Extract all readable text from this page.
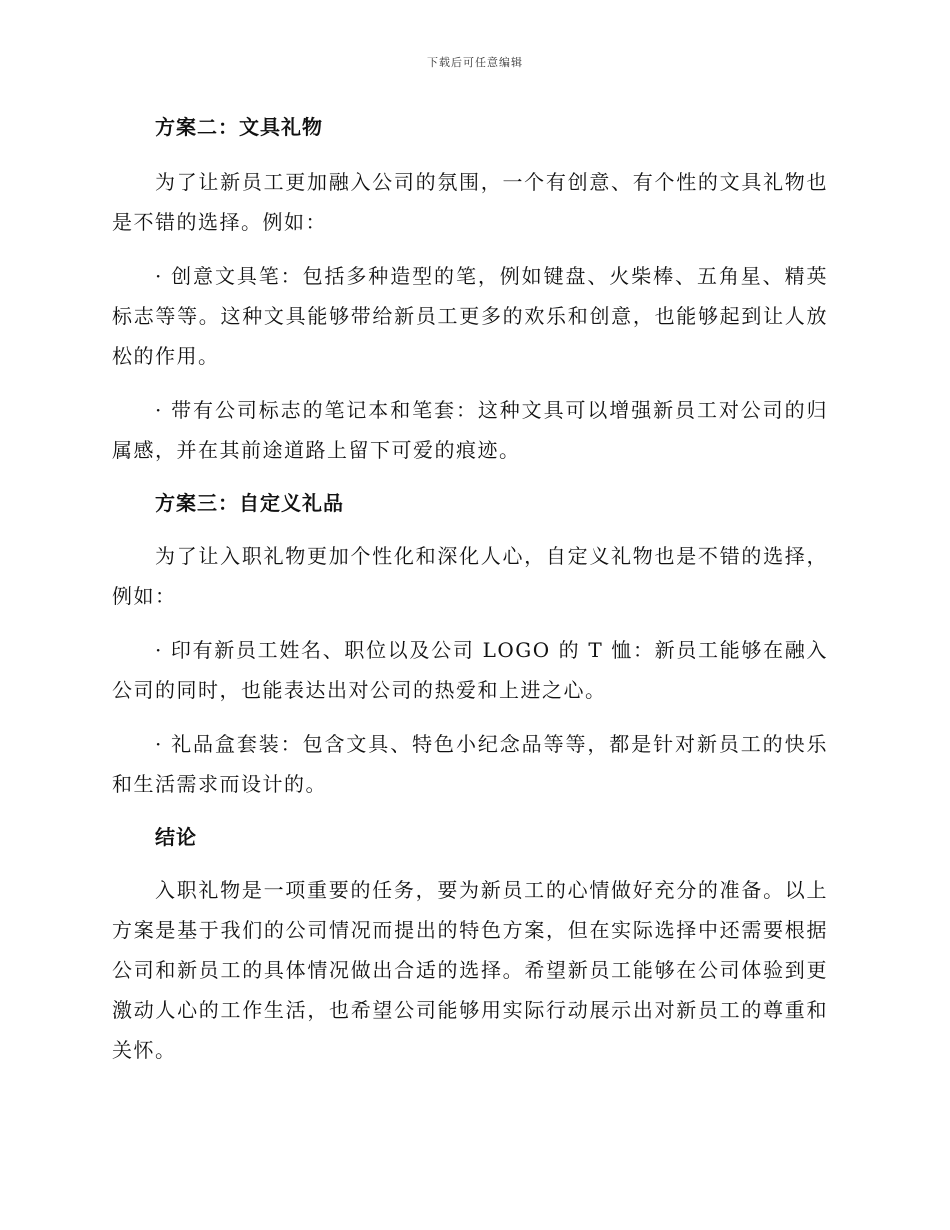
下载后可任意编辑

方案二：文具礼物

为了让新员工更加融入公司的氛围，一个有创意、有个性的文具礼物也是不错的选择。例如：

· 创意文具笔：包括多种造型的笔，例如键盘、火柴棒、五角星、精英标志等等。这种文具能够带给新员工更多的欢乐和创意，也能够起到让人放松的作用。

· 带有公司标志的笔记本和笔套：这种文具可以增强新员工对公司的归属感，并在其前途道路上留下可爱的痕迹。

方案三：自定义礼品

为了让入职礼物更加个性化和深化人心，自定义礼物也是不错的选择，例如：

· 印有新员工姓名、职位以及公司 LOGO 的 T 恤：新员工能够在融入公司的同时，也能表达出对公司的热爱和上进之心。

· 礼品盒套装：包含文具、特色小纪念品等等，都是针对新员工的快乐和生活需求而设计的。

结论

入职礼物是一项重要的任务，要为新员工的心情做好充分的准备。以上方案是基于我们的公司情况而提出的特色方案，但在实际选择中还需要根据公司和新员工的具体情况做出合适的选择。希望新员工能够在公司体验到更激动人心的工作生活，也希望公司能够用实际行动展示出对新员工的尊重和关怀。
